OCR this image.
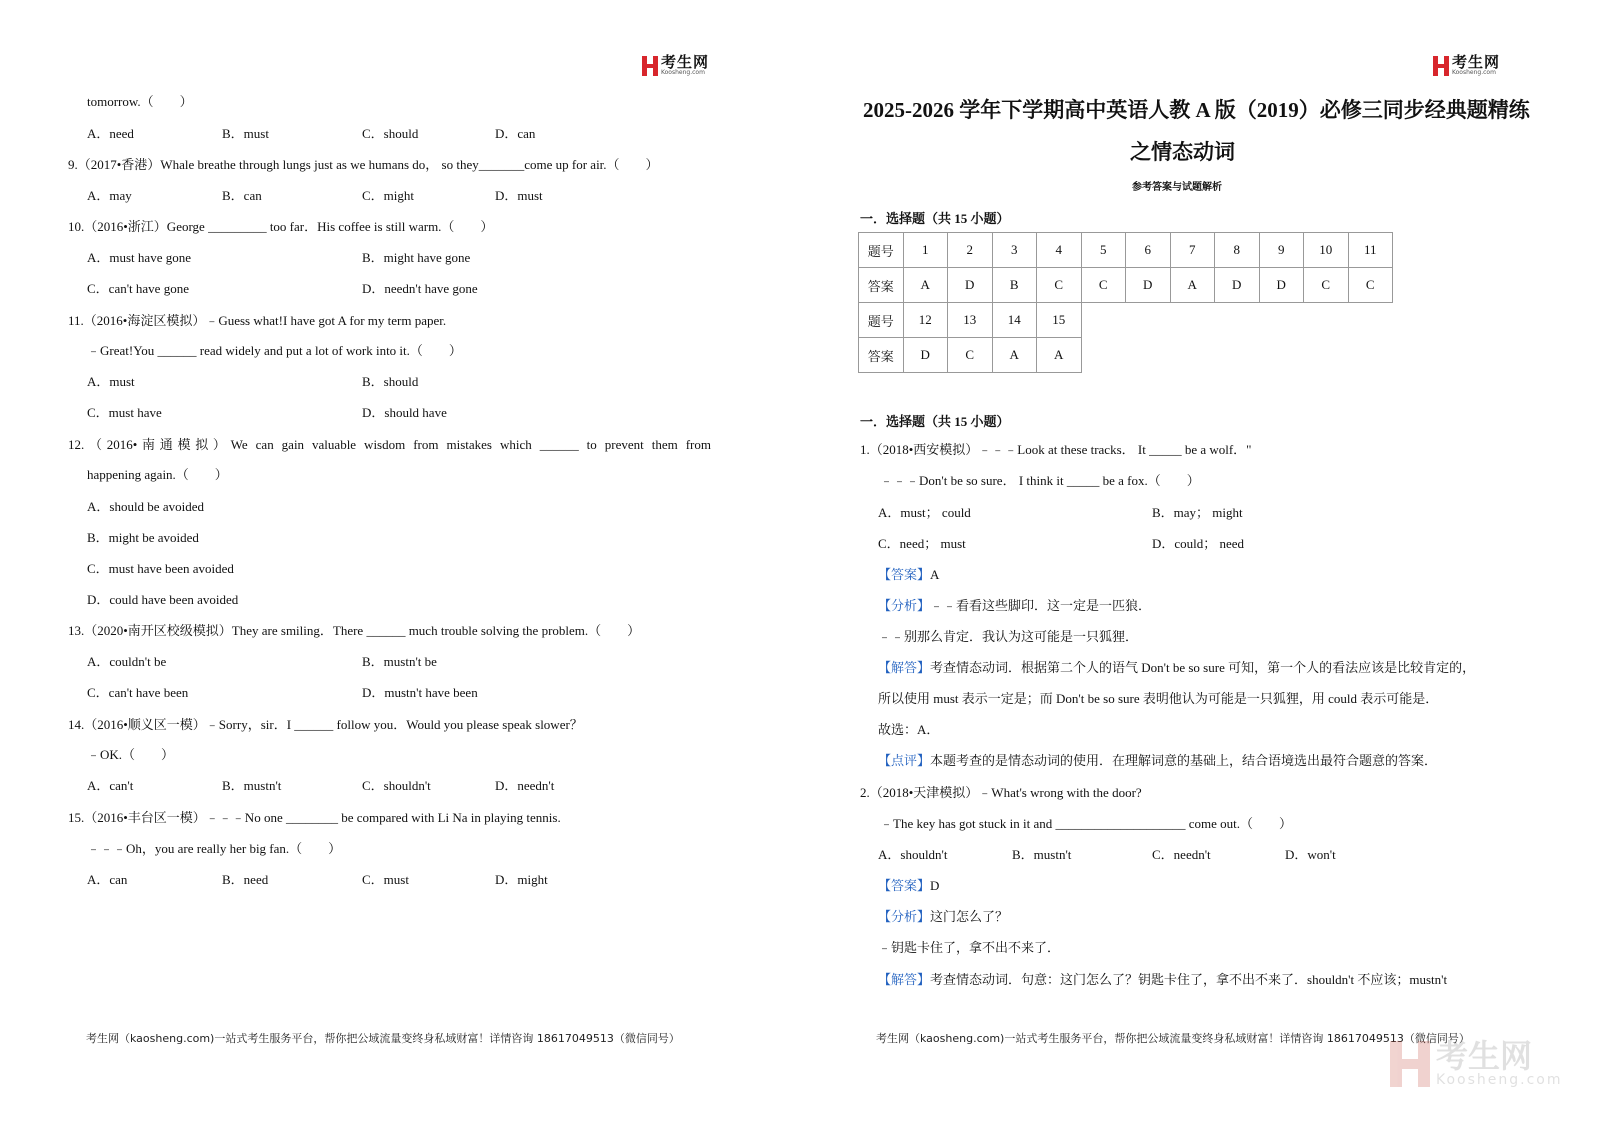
考生网
Koosheng.com
tomorrow.（　　）
A．need	B．must	C．should	D．can
9.（2017•香港）Whale breathe through lungs just as we humans do， so they_______come up for air.（　　）
A．may	B．can	C．might	D．must
10.（2016•浙江）George _________ too far．His coffee is still warm.（　　）
A．must have gone	B．might have gone
C．can't have gone	D．needn't have gone
11.（2016•海淀区模拟）﹣Guess what!I have got A for my term paper.
﹣Great!You ______ read widely and put a lot of work into it.（　　）
A．must	B．should
C．must have	D．should have
12.（2016•南通模拟）We can gain valuable wisdom from mistakes which ______ to prevent them from
happening again.（　　）
A．should be avoided
B．might be avoided
C．must have been avoided
D．could have been avoided
13.（2020•南开区校级模拟）They are smiling．There ______ much trouble solving the problem.（　　）
A．couldn't be	B．mustn't be
C．can't have been	D．mustn't have been
14.（2016•顺义区一模）﹣Sorry，sir．I ______ follow you．Would you please speak slower？
﹣OK.（　　）
A．can't	B．mustn't	C．shouldn't	D．needn't
15.（2016•丰台区一模）﹣﹣﹣No one ________ be compared with Li Na in playing tennis.
﹣﹣﹣Oh，you are really her big fan.（　　）
A．can	B．need	C．must	D．might
考生网（kaosheng.com)一站式考生服务平台，帮你把公域流量变终身私域财富！详情咨询 18617049513（微信同号）
考生网
Koosheng.com
2025-2026 学年下学期高中英语人教 A 版（2019）必修三同步经典题精练
之情态动词
参考答案与试题解析
一．选择题（共 15 小题）
题号	1	2	3	4	5	6	7	8	9	10	11
答案	A	D	B	C	C	D	A	D	D	C	C
题号	12	13	14	15
答案	D	C	A	A
一．选择题（共 15 小题）
1.（2018•西安模拟）﹣﹣﹣Look at these tracks． It _____ be a wolf．"
﹣﹣﹣Don't be so sure． I think it _____ be a fox.（　　）
A．must； could	B．may； might
C．need； must	D．could； need
【答案】A
【分析】﹣﹣看看这些脚印．这一定是一匹狼．
﹣﹣别那么肯定．我认为这可能是一只狐狸．
【解答】考查情态动词．根据第二个人的语气 Don't be so sure 可知，第一个人的看法应该是比较肯定的，
所以使用 must 表示一定是；而 Don't be so sure 表明他认为可能是一只狐狸，用 could 表示可能是．
故选：A．
【点评】本题考查的是情态动词的使用．在理解词意的基础上，结合语境选出最符合题意的答案．
2.（2018•天津模拟）﹣What's wrong with the door?
﹣The key has got stuck in it and ____________________ come out.（　　）
A．shouldn't	B．mustn't	C．needn't	D．won't
【答案】D
【分析】这门怎么了？
﹣钥匙卡住了，拿不出不来了．
【解答】考查情态动词．句意：这门怎么了？钥匙卡住了，拿不出不来了．shouldn't 不应该；mustn't
考生网（kaosheng.com)一站式考生服务平台，帮你把公域流量变终身私域财富！详情咨询 18617049513（微信同号）
考生网
Koosheng.com
